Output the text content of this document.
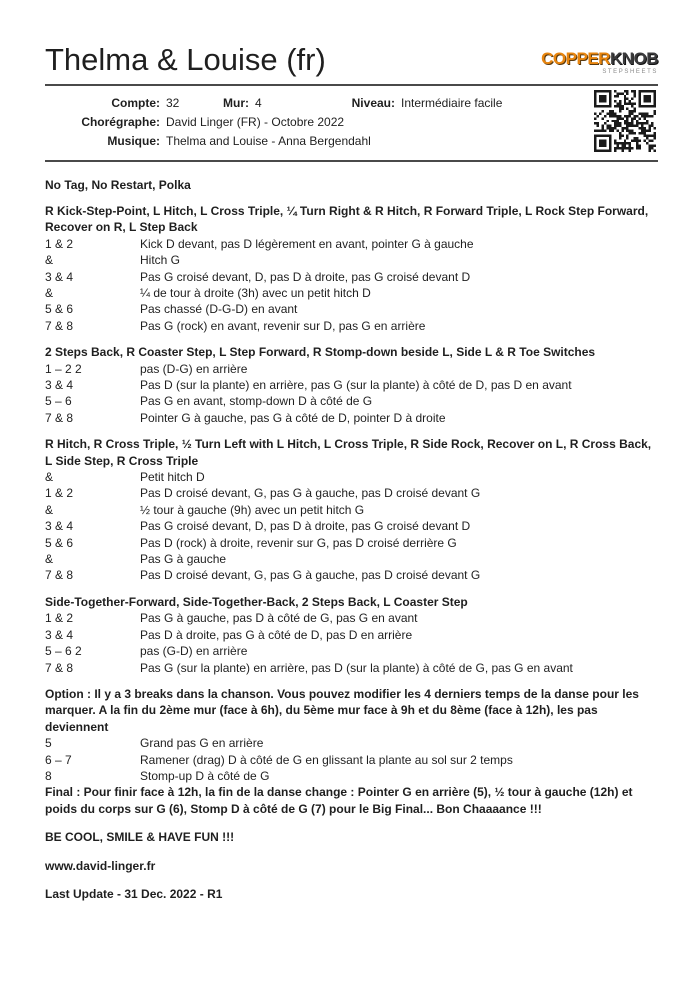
Thelma & Louise (fr)	COPPERKNOB
STEPSHEETS
Compte: 32	Mur: 4	Niveau: Intermédiaire facile
Chorégraphe: David Linger (FR) - Octobre 2022
Musique: Thelma and Louise - Anna Bergendahl

No Tag, No Restart, Polka

R Kick-Step-Point, L Hitch, L Cross Triple, ¼ Turn Right & R Hitch, R Forward Triple, L Rock Step Forward, Recover on R, L Step Back

1 & 2	Kick D devant, pas D légèrement en avant, pointer G à gauche
&	Hitch G
3 & 4	Pas G croisé devant, D, pas D à droite, pas G croisé devant D
&	¼ de tour à droite (3h) avec un petit hitch D
5 & 6	Pas chassé (D-G-D) en avant
7 & 8	Pas G (rock) en avant, revenir sur D, pas G en arrière

2 Steps Back, R Coaster Step, L Step Forward, R Stomp-down beside L, Side L & R Toe Switches

1 – 2 2	pas (D-G) en arrière
3 & 4	Pas D (sur la plante) en arrière, pas G (sur la plante) à côté de D, pas D en avant
5 – 6	Pas G en avant, stomp-down D à côté de G
7 & 8	Pointer G à gauche, pas G à côté de D, pointer D à droite

R Hitch, R Cross Triple, ½ Turn Left with L Hitch, L Cross Triple, R Side Rock, Recover on L, R Cross Back, L Side Step, R Cross Triple

&	Petit hitch D
1 & 2	Pas D croisé devant, G, pas G à gauche, pas D croisé devant G
&	½ tour à gauche (9h) avec un petit hitch G
3 & 4	Pas G croisé devant, D, pas D à droite, pas G croisé devant D
5 & 6	Pas D (rock) à droite, revenir sur G, pas D croisé derrière G
&	Pas G à gauche
7 & 8	Pas D croisé devant, G, pas G à gauche, pas D croisé devant G

Side-Together-Forward, Side-Together-Back, 2 Steps Back, L Coaster Step

1 & 2	Pas G à gauche, pas D à côté de G, pas G en avant
3 & 4	Pas D à droite, pas G à côté de D, pas D en arrière
5 – 6 2	pas (G-D) en arrière
7 & 8	Pas G (sur la plante) en arrière, pas D (sur la plante) à côté de G, pas G en avant

Option : Il y a 3 breaks dans la chanson. Vous pouvez modifier les 4 derniers temps de la danse pour les marquer. A la fin du 2ème mur (face à 6h), du 5ème mur face à 9h et du 8ème (face à 12h), les pas deviennent

5	Grand pas G en arrière
6 – 7	Ramener (drag) D à côté de G en glissant la plante au sol sur 2 temps
8	Stomp-up D à côté de G

Final : Pour finir face à 12h, la fin de la danse change : Pointer G en arrière (5), ½ tour à gauche (12h) et poids du corps sur G (6), Stomp D à côté de G (7) pour le Big Final... Bon Chaaaance !!!

BE COOL, SMILE & HAVE FUN !!!

www.david-linger.fr

Last Update - 31 Dec. 2022 - R1
